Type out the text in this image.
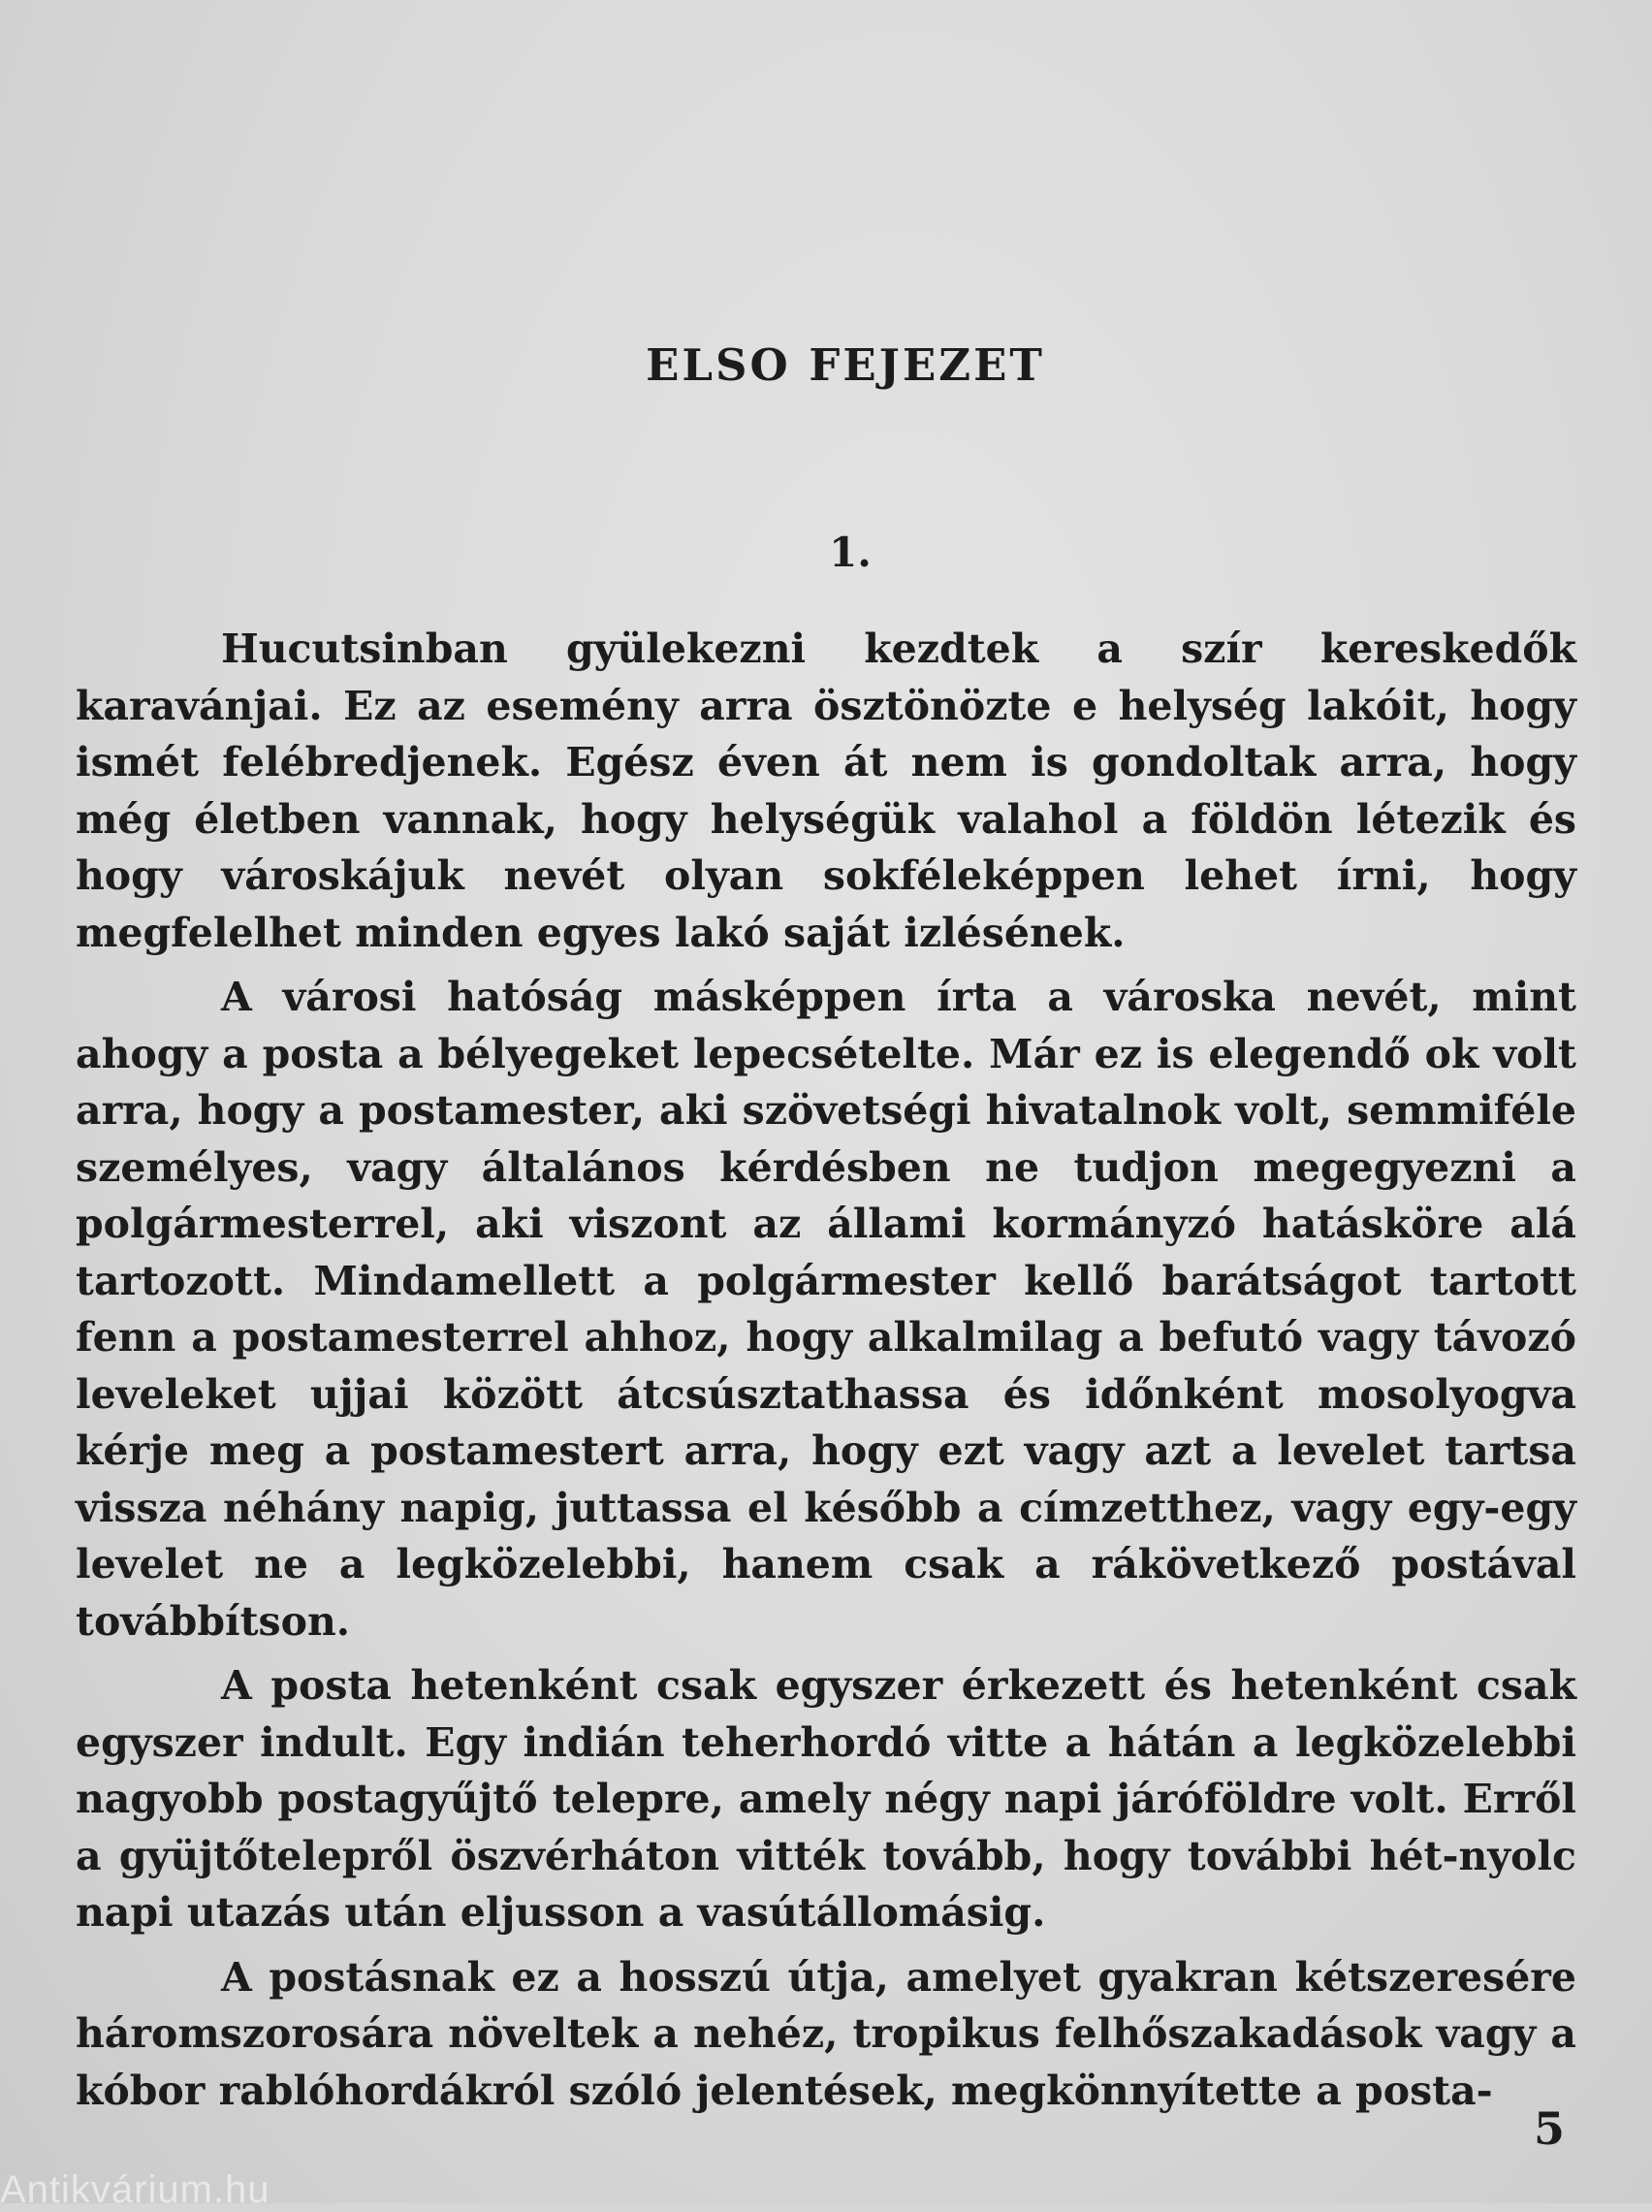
ELSO FEJEZET
1.

Hucutsinban gyülekezni kezdtek a szír kereskedők karavánjai. Ez az esemény arra ösztönözte e helység lakóit, hogy ismét felébredjenek. Egész éven át nem is gondoltak arra, hogy még életben vannak, hogy helységük valahol a földön létezik és hogy városkájuk nevét olyan sokféleképpen lehet írni, hogy megfelelhet minden egyes lakó saját izlésének.

A városi hatóság másképpen írta a városka nevét, mint ahogy a posta a bélyegeket lepecsételte. Már ez is elegendő ok volt arra, hogy a postamester, aki szövetségi hivatalnok volt, semmiféle személyes, vagy általános kérdésben ne tudjon megegyezni a polgármesterrel, aki viszont az állami kormányzó hatásköre alá tartozott. Mindamellett a polgármester kellő barátságot tartott fenn a postamesterrel ahhoz, hogy alkalmilag a befutó vagy távozó leveleket ujjai között átcsúsztathassa és időnként mosolyogva kérje meg a postamestert arra, hogy ezt vagy azt a levelet tartsa vissza néhány napig, juttassa el később a címzetthez, vagy egy-egy levelet ne a legközelebbi, hanem csak a rákövetkező postával továbbítson.

A posta hetenként csak egyszer érkezett és hetenként csak egyszer indult. Egy indián teherhordó vitte a hátán a legközelebbi nagyobb postagyűjtő telepre, amely négy napi járóföldre volt. Erről a gyüjtőtelepről öszvérháton vitték tovább, hogy további hét-nyolc napi utazás után eljusson a vasútállomásig.

A postásnak ez a hosszú útja, amelyet gyakran kétszeresére háromszorosára növeltek a nehéz, tropikus felhőszakadások vagy a kóbor rablóhordákról szóló jelentések, megkönnyítette a posta-

5
Antikvárium.hu
